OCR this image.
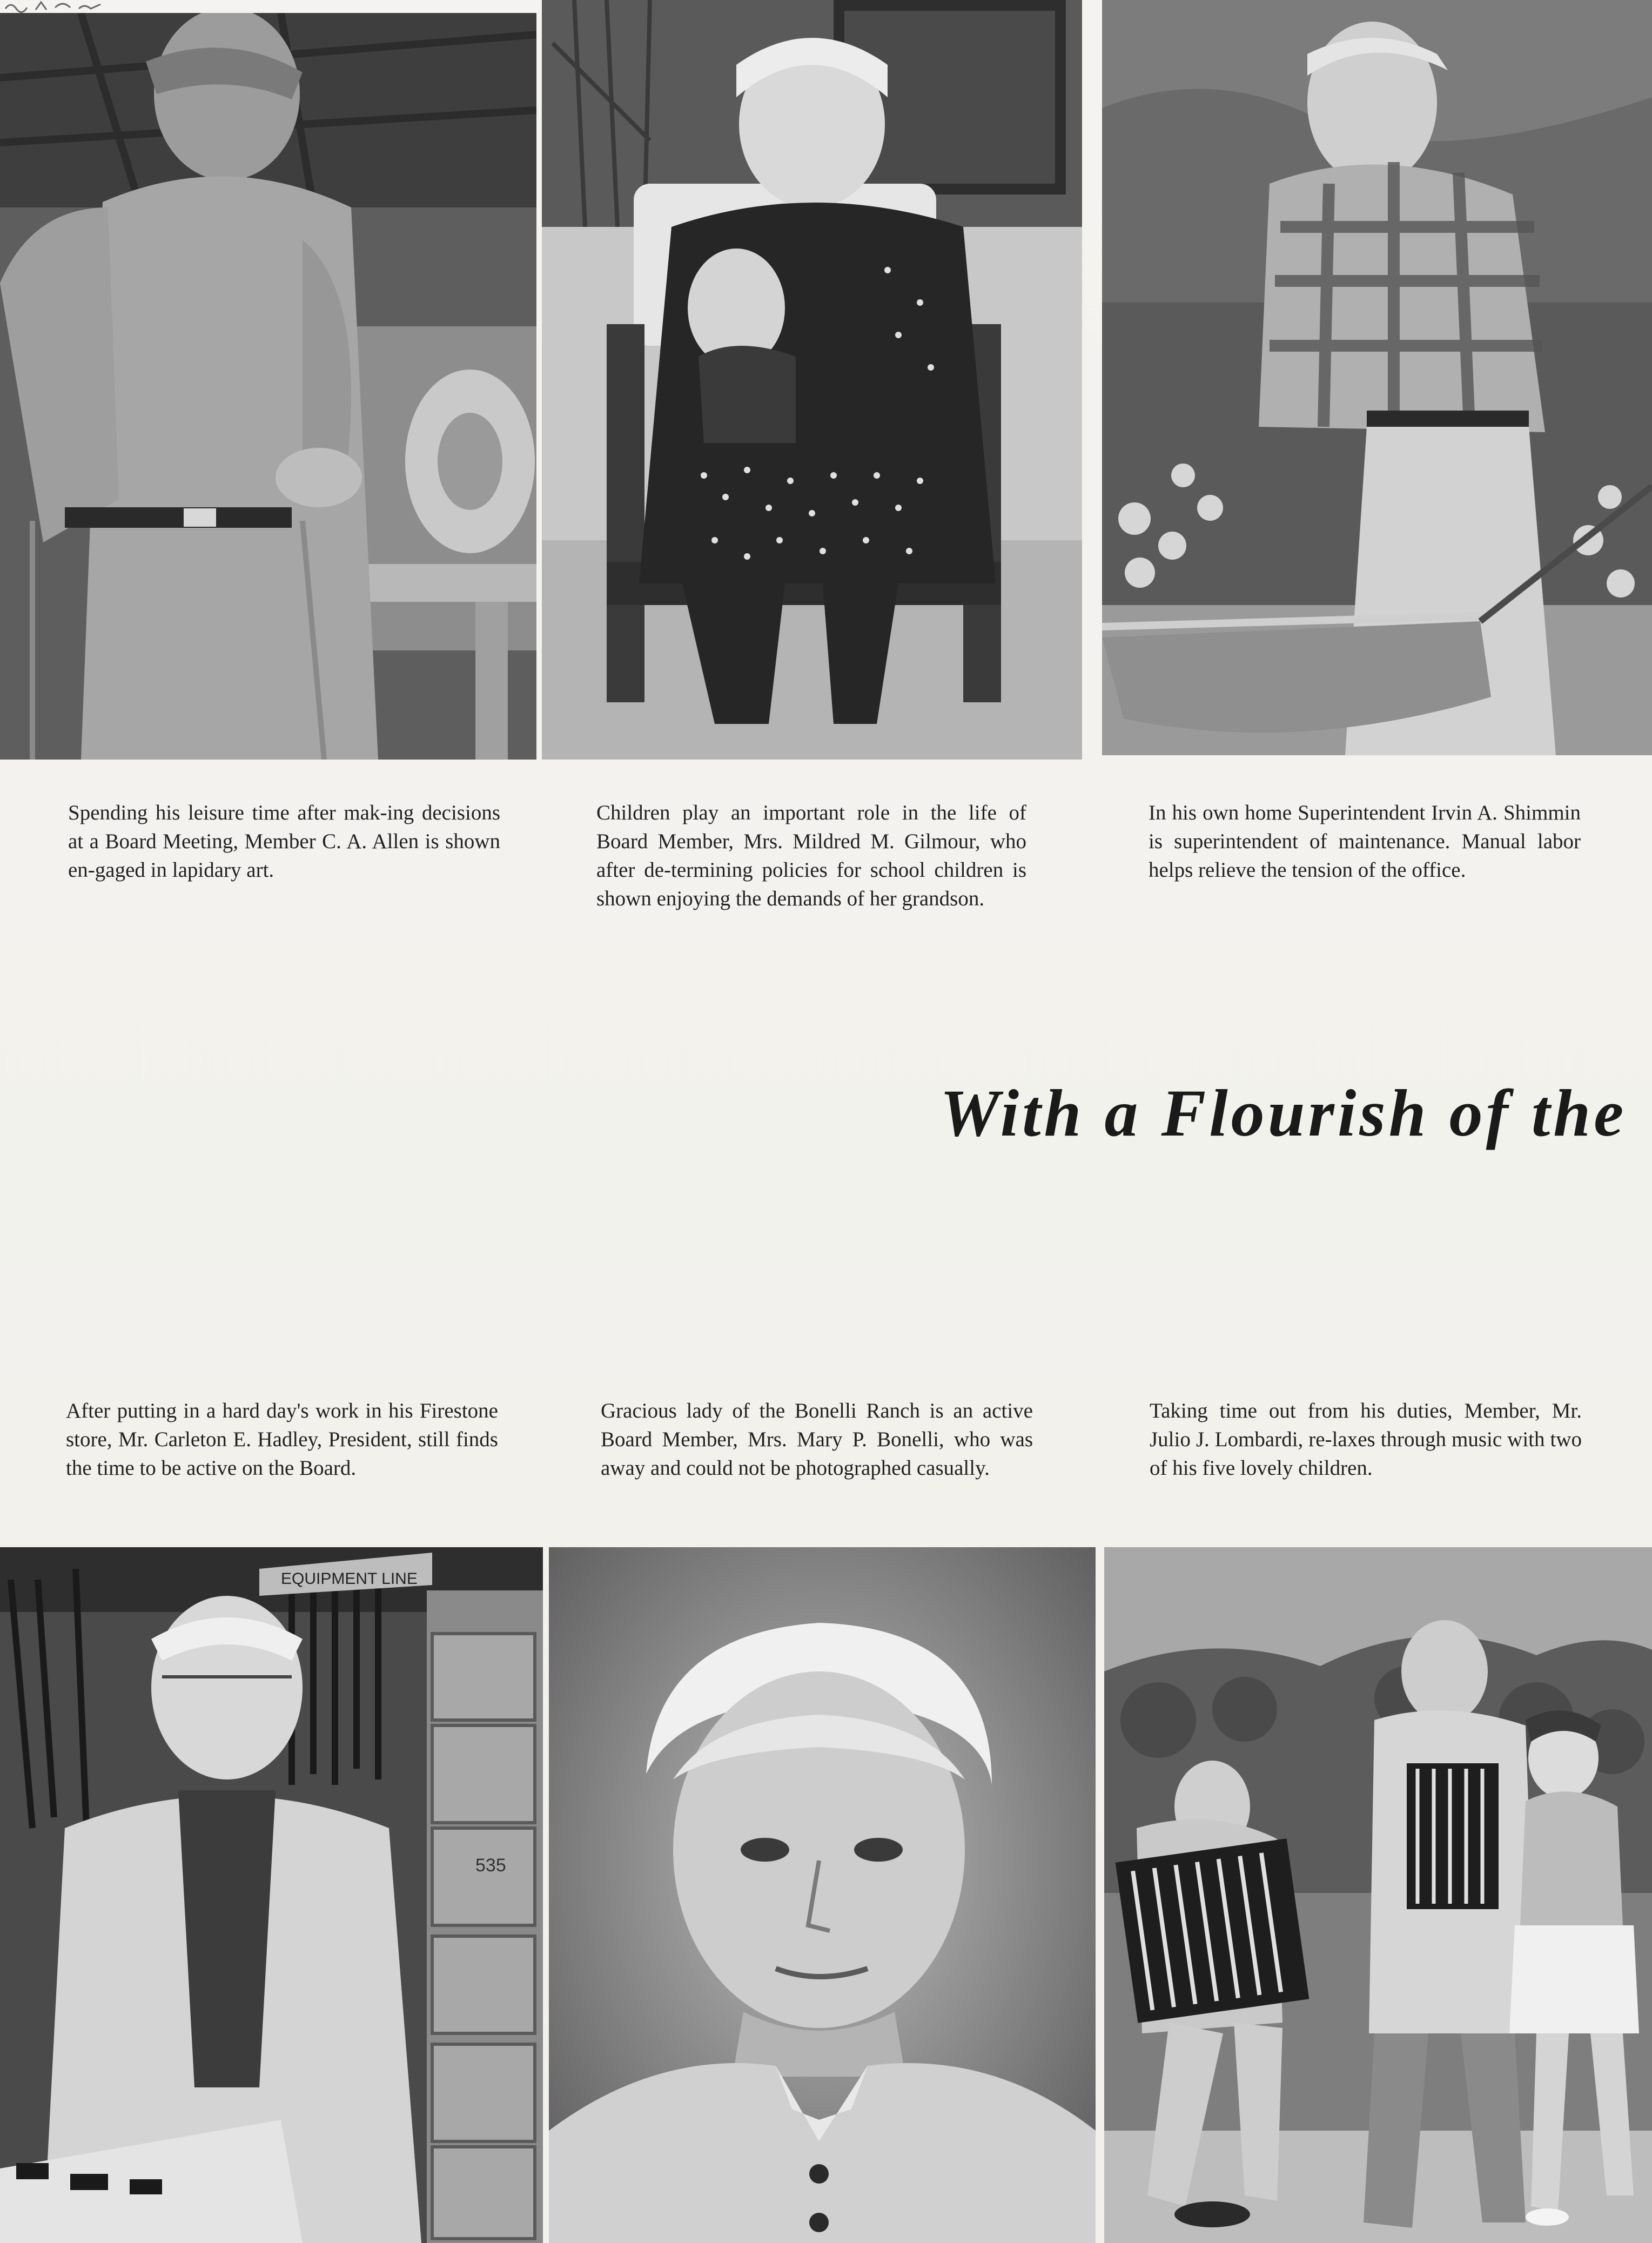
Spending his leisure time after mak-ing decisions at a Board Meeting, Member C. A. Allen is shown en-gaged in lapidary art.

Children play an important role in the life of Board Member, Mrs. Mildred M. Gilmour, who after de-termining policies for school children is shown enjoying the demands of her grandson.

In his own home Superintendent Irvin A. Shimmin is superintendent of maintenance. Manual labor helps relieve the tension of the office.

With a Flourish of the

After putting in a hard day's work in his Firestone store, Mr. Carleton E. Hadley, President, still finds the time to be active on the Board.

Gracious lady of the Bonelli Ranch is an active Board Member, Mrs. Mary P. Bonelli, who was away and could not be photographed casually.

Taking time out from his duties, Member, Mr. Julio J. Lombardi, re-laxes through music with two of his five lovely children.

EQUIPMENT LINE
535
